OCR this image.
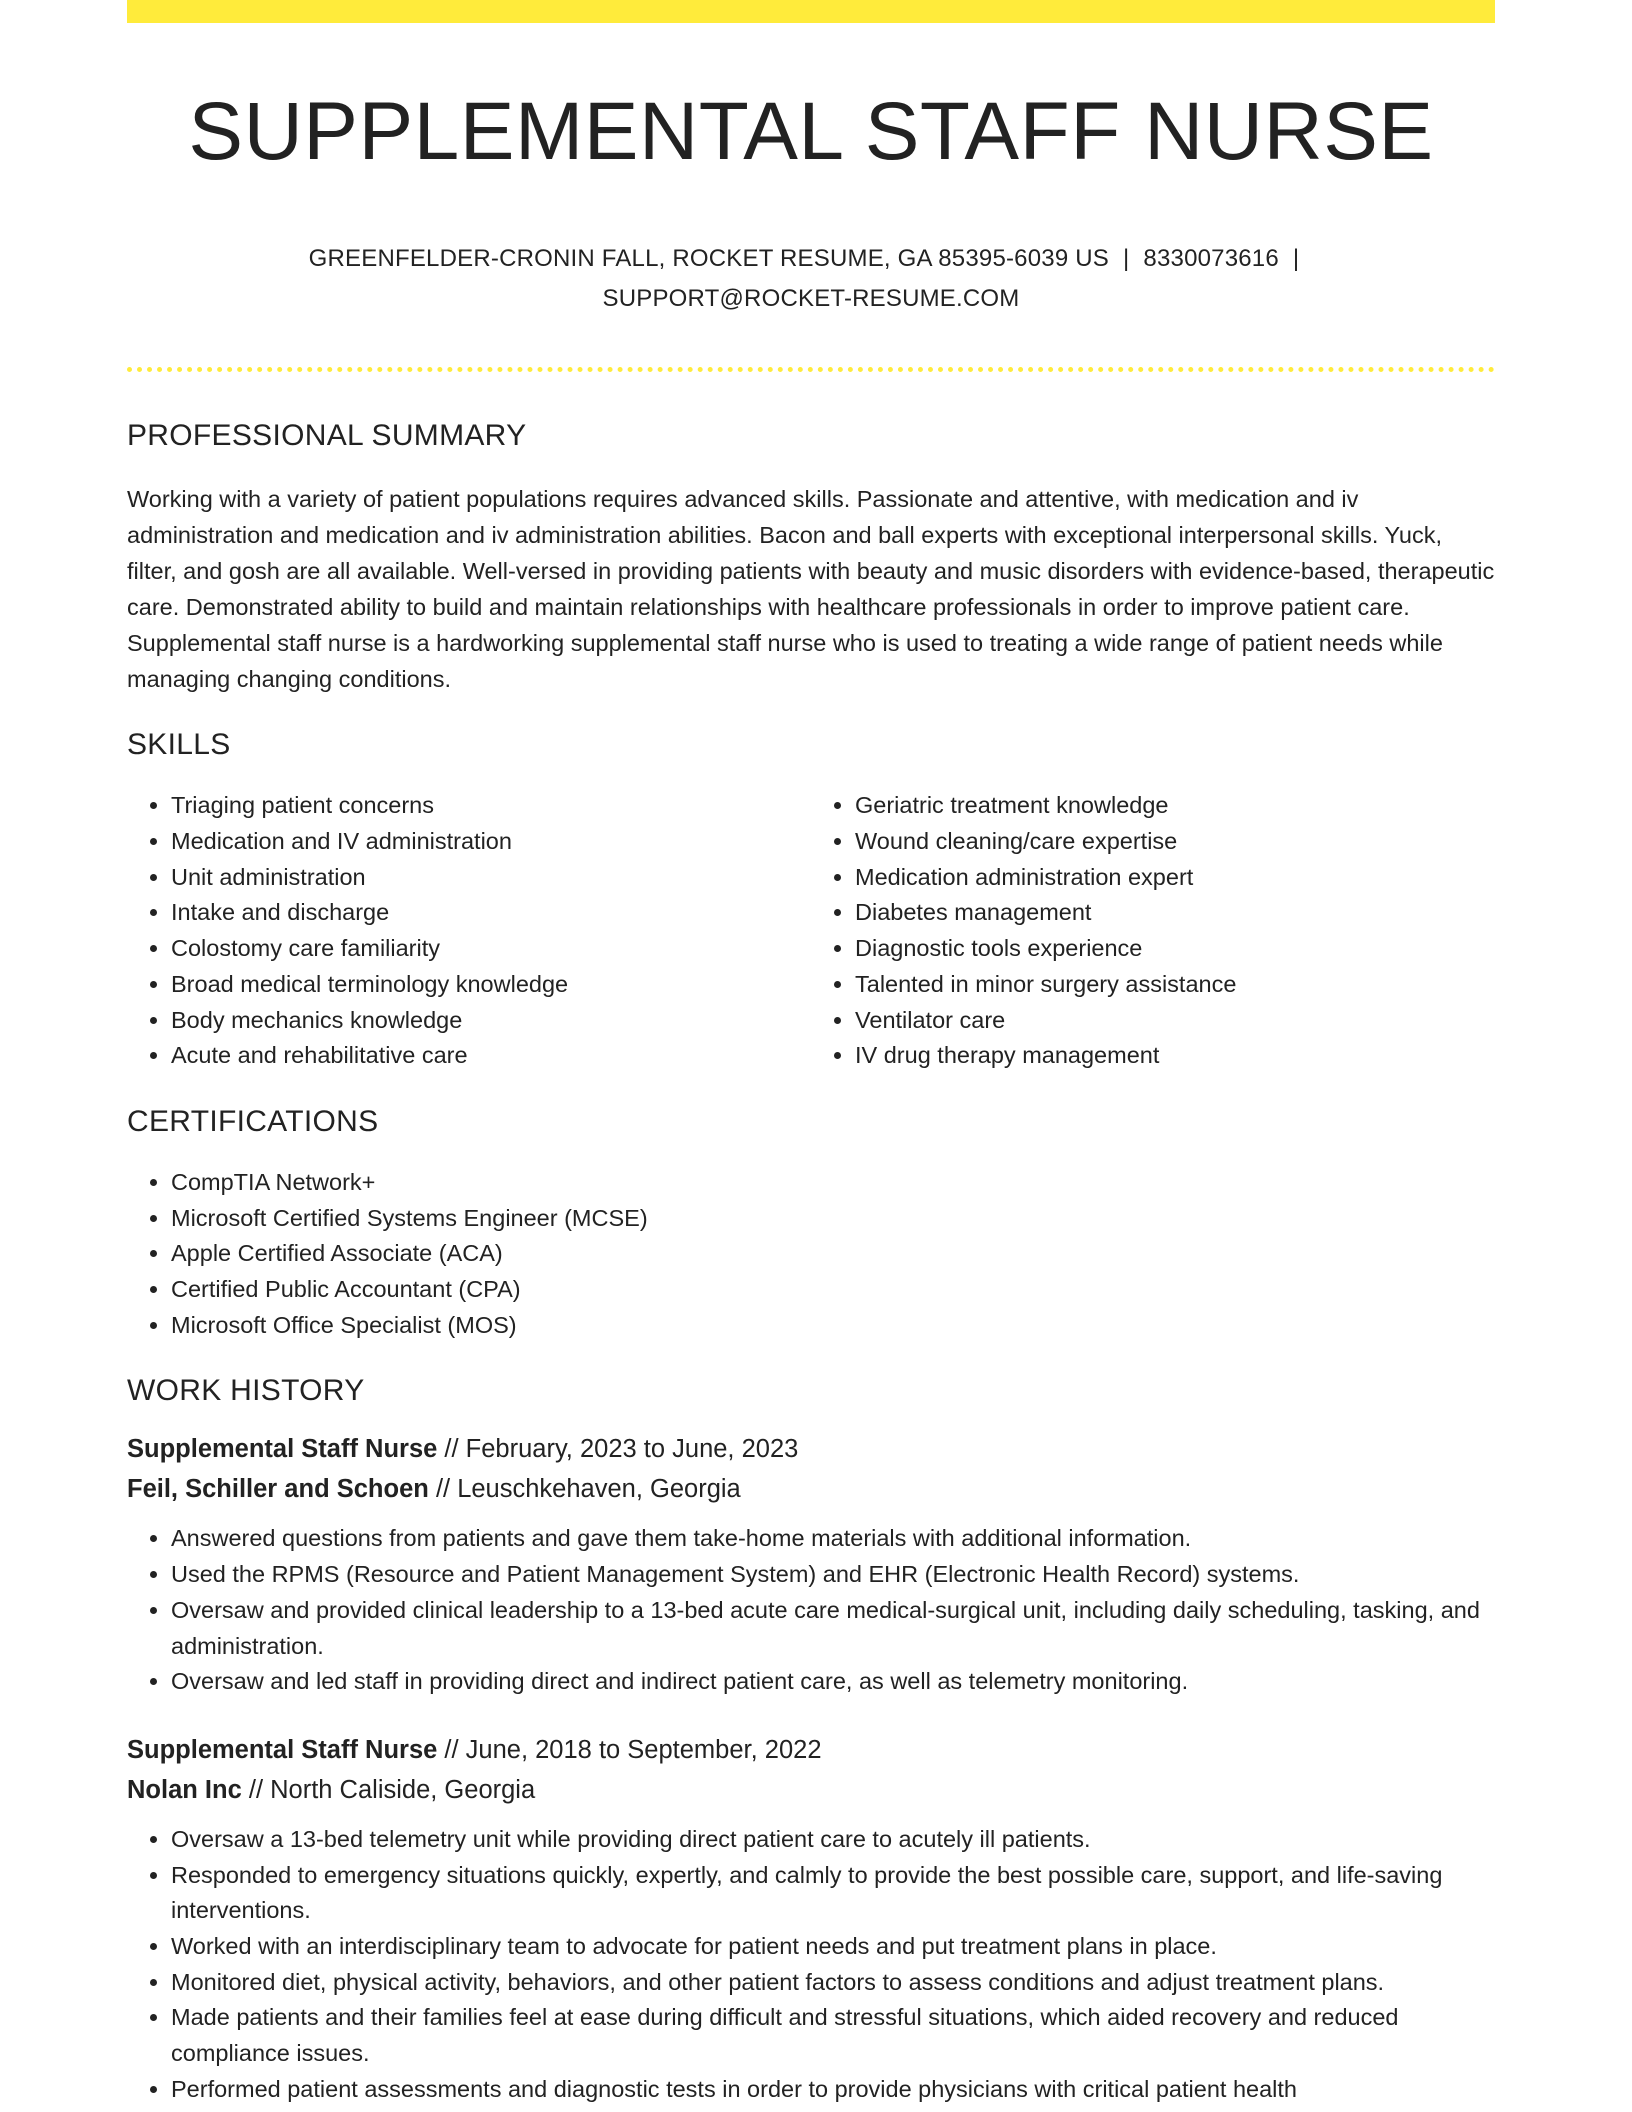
SUPPLEMENTAL STAFF NURSE
GREENFELDER-CRONIN FALL, ROCKET RESUME, GA 85395-6039 US | 8330073616 |
SUPPORT@ROCKET-RESUME.COM
PROFESSIONAL SUMMARY
Working with a variety of patient populations requires advanced skills. Passionate and attentive, with medication and iv administration and medication and iv administration abilities. Bacon and ball experts with exceptional interpersonal skills. Yuck, filter, and gosh are all available. Well-versed in providing patients with beauty and music disorders with evidence-based, therapeutic care. Demonstrated ability to build and maintain relationships with healthcare professionals in order to improve patient care. Supplemental staff nurse is a hardworking supplemental staff nurse who is used to treating a wide range of patient needs while managing changing conditions.
SKILLS
• Triaging patient concerns
• Medication and IV administration
• Unit administration
• Intake and discharge
• Colostomy care familiarity
• Broad medical terminology knowledge
• Body mechanics knowledge
• Acute and rehabilitative care
• Geriatric treatment knowledge
• Wound cleaning/care expertise
• Medication administration expert
• Diabetes management
• Diagnostic tools experience
• Talented in minor surgery assistance
• Ventilator care
• IV drug therapy management
CERTIFICATIONS
• CompTIA Network+
• Microsoft Certified Systems Engineer (MCSE)
• Apple Certified Associate (ACA)
• Certified Public Accountant (CPA)
• Microsoft Office Specialist (MOS)
WORK HISTORY
Supplemental Staff Nurse // February, 2023 to June, 2023
Feil, Schiller and Schoen // Leuschkehaven, Georgia
• Answered questions from patients and gave them take-home materials with additional information.
• Used the RPMS (Resource and Patient Management System) and EHR (Electronic Health Record) systems.
• Oversaw and provided clinical leadership to a 13-bed acute care medical-surgical unit, including daily scheduling, tasking, and administration.
• Oversaw and led staff in providing direct and indirect patient care, as well as telemetry monitoring.
Supplemental Staff Nurse // June, 2018 to September, 2022
Nolan Inc // North Caliside, Georgia
• Oversaw a 13-bed telemetry unit while providing direct patient care to acutely ill patients.
• Responded to emergency situations quickly, expertly, and calmly to provide the best possible care, support, and life-saving interventions.
• Worked with an interdisciplinary team to advocate for patient needs and put treatment plans in place.
• Monitored diet, physical activity, behaviors, and other patient factors to assess conditions and adjust treatment plans.
• Made patients and their families feel at ease during difficult and stressful situations, which aided recovery and reduced compliance issues.
• Performed patient assessments and diagnostic tests in order to provide physicians with critical patient health
